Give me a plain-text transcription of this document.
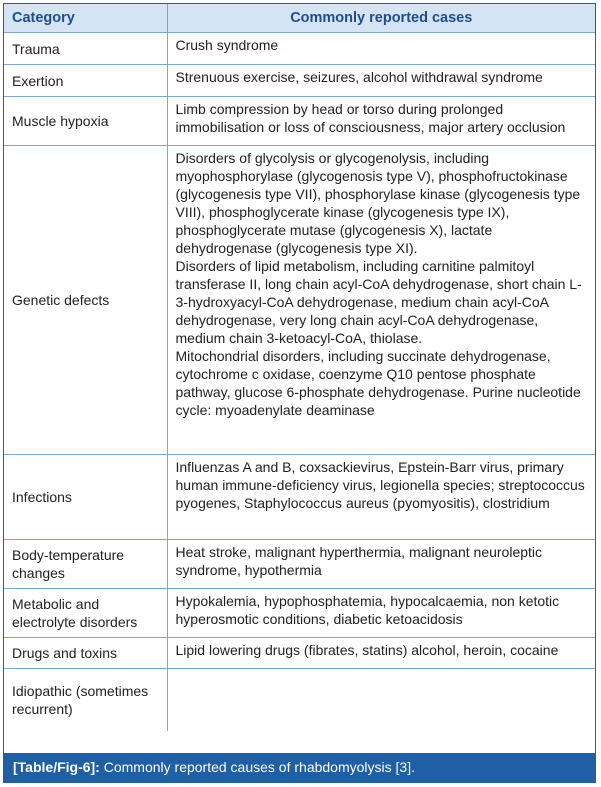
Category	Commonly reported cases
Trauma	Crush syndrome

Exertion	Strenuous exercise, seizures, alcohol withdrawal syndrome

Muscle hypoxia	Limb compression by head or torso during prolonged immobilisation or loss of consciousness, major artery occlusion

Genetic defects	Disorders of glycolysis or glycogenolysis, including myophosphorylase (glycogenosis type V), phosphofructokinase (glycogenesis type VII), phosphorylase kinase (glycogenesis type VIII), phosphoglycerate kinase (glycogenesis type IX), phosphoglycerate mutase (glycogenesis X), lactate dehydrogenase (glycogenesis type XI).
Disorders of lipid metabolism, including carnitine palmitoyl transferase II, long chain acyl-CoA dehydrogenase, short chain L-3-hydroxyacyl-CoA dehydrogenase, medium chain acyl-CoA dehydrogenase, very long chain acyl-CoA dehydrogenase, medium chain 3-ketoacyl-CoA, thiolase.
Mitochondrial disorders, including succinate dehydrogenase, cytochrome c oxidase, coenzyme Q10 pentose phosphate pathway, glucose 6-phosphate dehydrogenase. Purine nucleotide cycle: myoadenylate deaminase

Infections	Influenzas A and B, coxsackievirus, Epstein-Barr virus, primary human immune-deficiency virus, legionella species; streptococcus pyogenes, Staphylococcus aureus (pyomyositis), clostridium

Body-temperature changes	Heat stroke, malignant hyperthermia, malignant neuroleptic syndrome, hypothermia

Metabolic and electrolyte disorders	Hypokalemia, hypophosphatemia, hypocalcaemia, non ketotic hyperosmotic conditions, diabetic ketoacidosis

Drugs and toxins	Lipid lowering drugs (fibrates, statins) alcohol, heroin, cocaine

Idiopathic (sometimes recurrent)	
[Table/Fig-6]: Commonly reported causes of rhabdomyolysis [3].
